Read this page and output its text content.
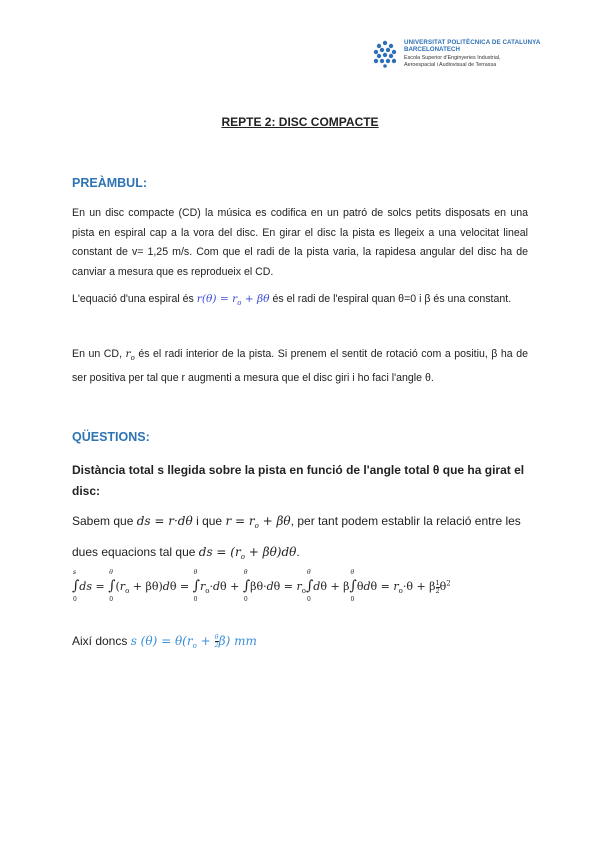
UNIVERSITAT POLITÈCNICA DE CATALUNYA
BARCELONATECH
Escola Superior d'Enginyeries Industrial,
Aeroespacial i Audiovisual de Terrassa
REPTE 2: DISC COMPACTE
PREÀMBUL:
En un disc compacte (CD) la música es codifica en un patró de solcs petits disposats en una pista en espiral cap a la vora del disc. En girar el disc la pista es llegeix a una velocitat lineal constant de v= 1,25 m/s. Com que el radi de la pista varia, la rapidesa angular del disc ha de canviar a mesura que es reprodueix el CD.
L'equació d'una espiral és $r(\theta) = r_o + \beta\theta$ és el radi de l'espiral quan θ=0 i β és una constant.
En un CD, $r_o$ és el radi interior de la pista. Si prenem el sentit de rotació com a positiu, β ha de ser positiva per tal que r augmenti a mesura que el disc giri i ho faci l'angle θ.
QÜESTIONS:
Distància total s llegida sobre la pista en funció de l'angle total θ que ha girat el disc:
Sabem que ds = r·dθ i que $r = r_o + \beta\theta$, per tant podem establir la relació entre les dues equacions tal que ds = $(r_o + \beta\theta)d\theta$.
∫
s
0
ds = ∫
θ
0
$(r_o + \beta\theta)d\theta$ = ∫
θ
0
$r_o\cdot d\theta$ + ∫
θ
0
$\beta\theta\cdot d\theta = r_o\int$
θ
0
dθ + β∫
θ
0
$\theta d\theta = r_o\cdot\theta + \beta \frac{1}{2} \theta^2$
Així doncs s $(\theta) = \theta(r_o + \frac{\theta}{2} \beta)$ mm
